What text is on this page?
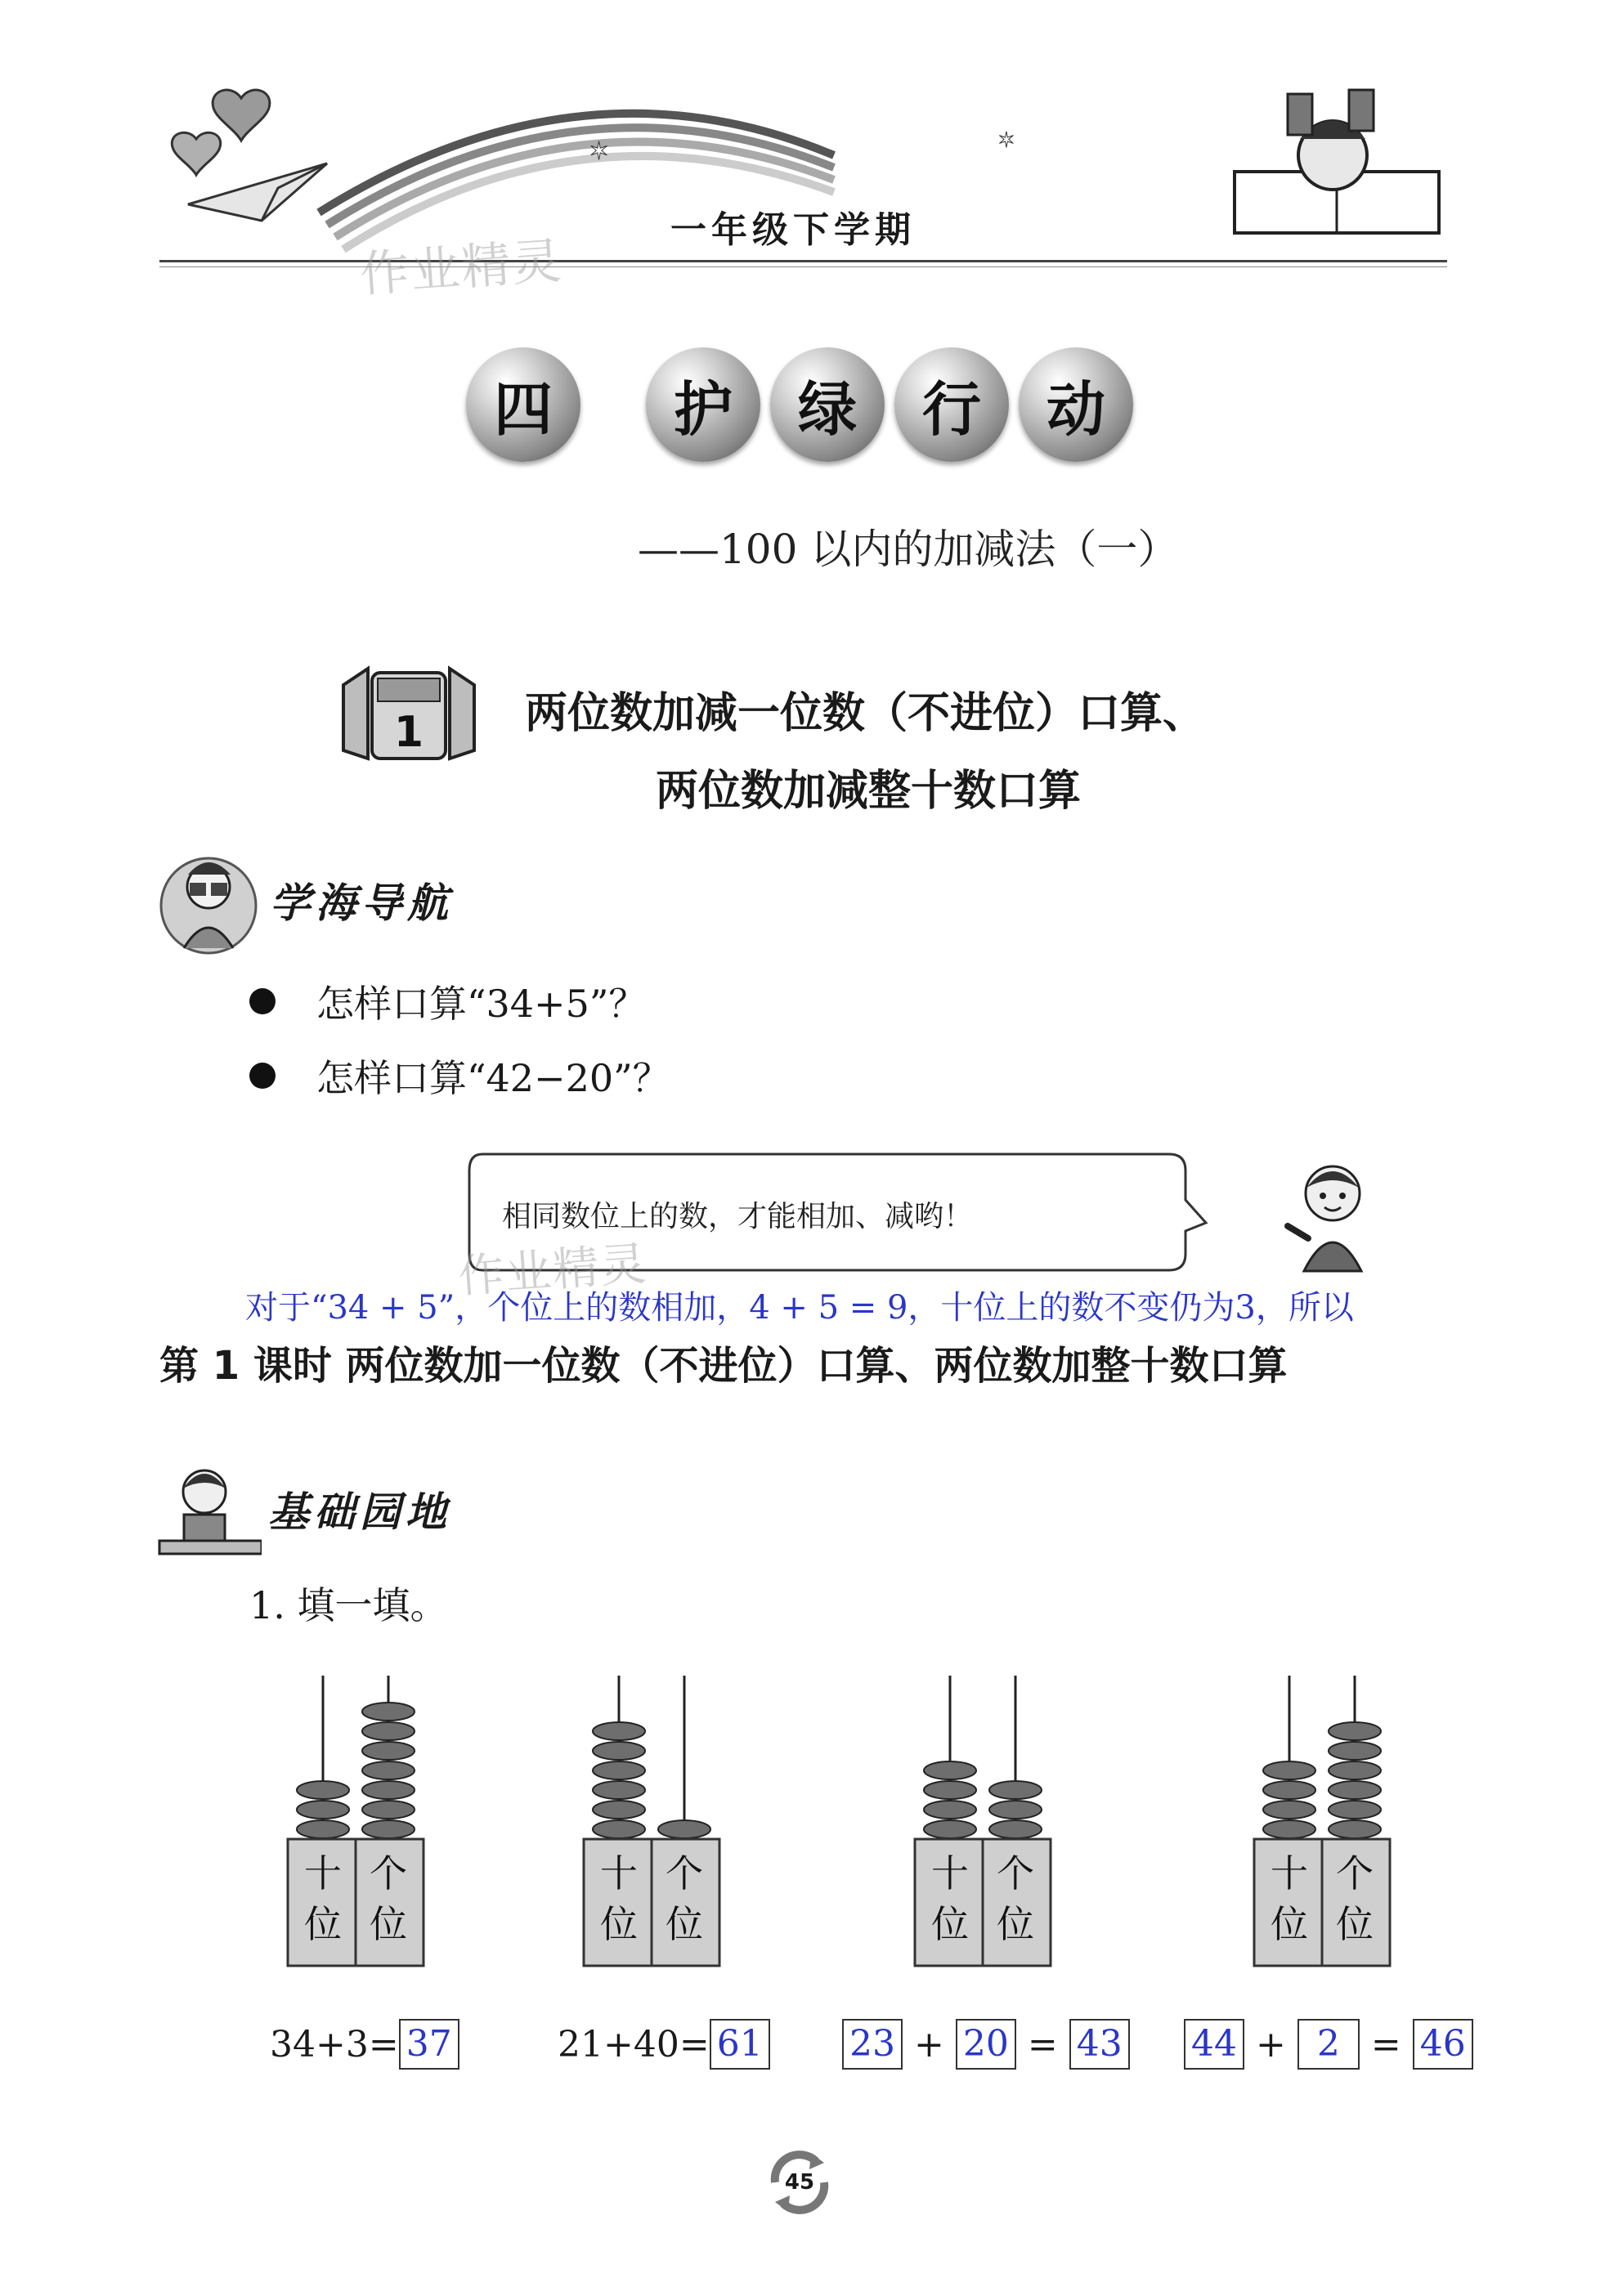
✶	✶
一年级下学期
作业精灵
四	护	绿	行	动
——100 以内的加减法（一）
1 两位数加减一位数（不进位）口算、
两位数加减整十数口算
学海导航
怎样口算“34+5”？
怎样口算“42−20”？
相同数位上的数，才能相加、减哟！
作业精灵
对于“34 + 5”，个位上的数相加，4 + 5 = 9，十位上的数不变仍为3，所以
第 1 课时 两位数加一位数（不进位）口算、两位数加整十数口算
基础园地
1. 填一填。
十
位
个
位
十
位
个
位
十
位
个
位
十
位
个
位
34+3= 37	21+40= 61 23 + 20 = 43 44 + 2 = 46
45
